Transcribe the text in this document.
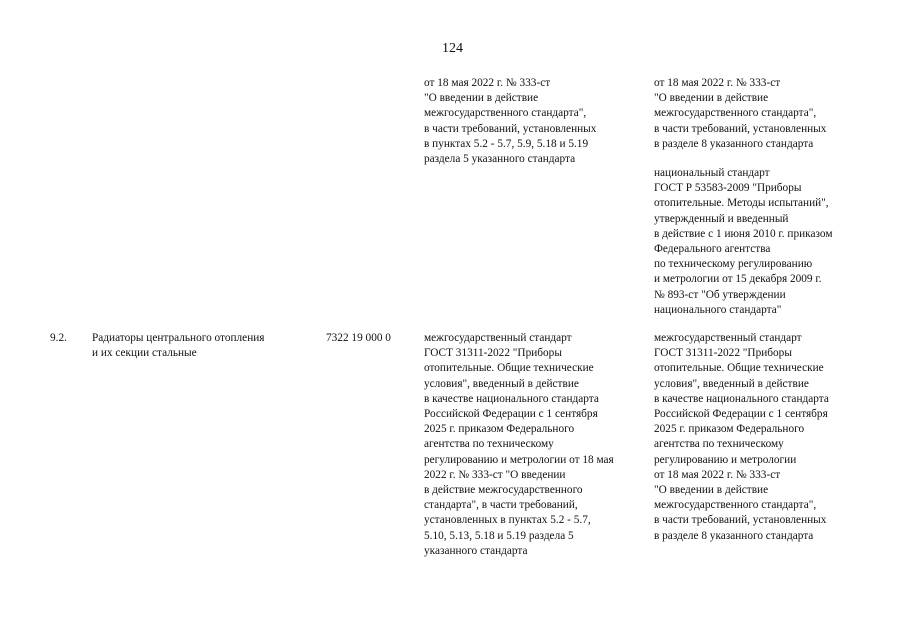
124
от 18 мая 2022 г. № 333-ст
"О введении в действие
межгосударственного стандарта",
в части требований, установленных
в пунктах 5.2 - 5.7, 5.9, 5.18 и 5.19
раздела 5 указанного стандарта
от 18 мая 2022 г. № 333-ст
"О введении в действие
межгосударственного стандарта",
в части требований, установленных
в разделе 8 указанного стандарта
национальный стандарт
ГОСТ Р 53583-2009 "Приборы
отопительные. Методы испытаний",
утвержденный и введенный
в действие с 1 июня 2010 г. приказом
Федерального агентства
по техническому регулированию
и метрологии от 15 декабря 2009 г.
№ 893-ст "Об утверждении
национального стандарта"
9.2. Радиаторы центрального отопления
и их секции стальные
7322 19 000 0	межгосударственный стандарт
ГОСТ 31311-2022 "Приборы
отопительные. Общие технические
условия", введенный в действие
в качестве национального стандарта
Российской Федерации с 1 сентября
2025 г. приказом Федерального
агентства по техническому
регулированию и метрологии от 18 мая
2022 г. № 333-ст "О введении
в действие межгосударственного
стандарта", в части требований,
установленных в пунктах 5.2 - 5.7,
5.10, 5.13, 5.18 и 5.19 раздела 5
указанного стандарта
межгосударственный стандарт
ГОСТ 31311-2022 "Приборы
отопительные. Общие технические
условия", введенный в действие
в качестве национального стандарта
Российской Федерации с 1 сентября
2025 г. приказом Федерального
агентства по техническому
регулированию и метрологии
от 18 мая 2022 г. № 333-ст
"О введении в действие
межгосударственного стандарта",
в части требований, установленных
в разделе 8 указанного стандарта
